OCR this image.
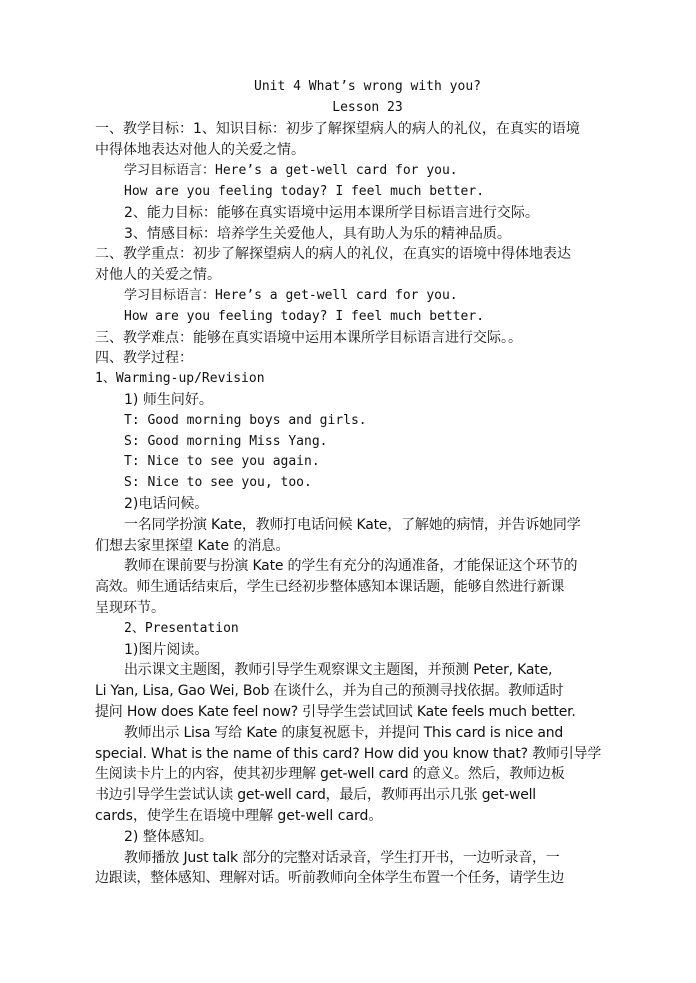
Unit 4 What’s wrong with you?
Lesson 23
一、教学目标：1、知识目标：初步了解探望病人的病人的礼仪，在真实的语境
中得体地表达对他人的关爱之情。
学习目标语言：Here’s a get-well card for you.
How are you feeling today? I feel much better.
2、能力目标：能够在真实语境中运用本课所学目标语言进行交际。
3、情感目标：培养学生关爱他人，具有助人为乐的精神品质。
二、教学重点：初步了解探望病人的病人的礼仪，在真实的语境中得体地表达
对他人的关爱之情。
学习目标语言：Here’s a get-well card for you.
How are you feeling today? I feel much better.
三、教学难点：能够在真实语境中运用本课所学目标语言进行交际。。
四、教学过程：
1、Warming-up/Revision
1) 师生问好。
T: Good morning boys and girls.
S: Good morning Miss Yang.
T: Nice to see you again.
S: Nice to see you, too.
2)电话问候。
一名同学扮演 Kate，教师打电话问候 Kate，了解她的病情，并告诉她同学
们想去家里探望 Kate 的消息。
教师在课前要与扮演 Kate 的学生有充分的沟通准备，才能保证这个环节的
高效。师生通话结束后，学生已经初步整体感知本课话题，能够自然进行新课
呈现环节。
2、Presentation
1)图片阅读。
出示课文主题图，教师引导学生观察课文主题图，并预测 Peter, Kate,
Li Yan, Lisa, Gao Wei, Bob 在谈什么，并为自己的预测寻找依据。教师适时
提问 How does Kate feel now? 引导学生尝试回试 Kate feels much better.
教师出示 Lisa 写给 Kate 的康复祝愿卡，并提问 This card is nice and
special. What is the name of this card? How did you know that? 教师引导学
生阅读卡片上的内容，使其初步理解 get-well card 的意义。然后，教师边板
书边引导学生尝试认读 get-well card，最后，教师再出示几张 get-well
cards，使学生在语境中理解 get-well card。
2) 整体感知。
教师播放 Just talk 部分的完整对话录音，学生打开书，一边听录音，一
边跟读，整体感知、理解对话。听前教师向全体学生布置一个任务，请学生边
